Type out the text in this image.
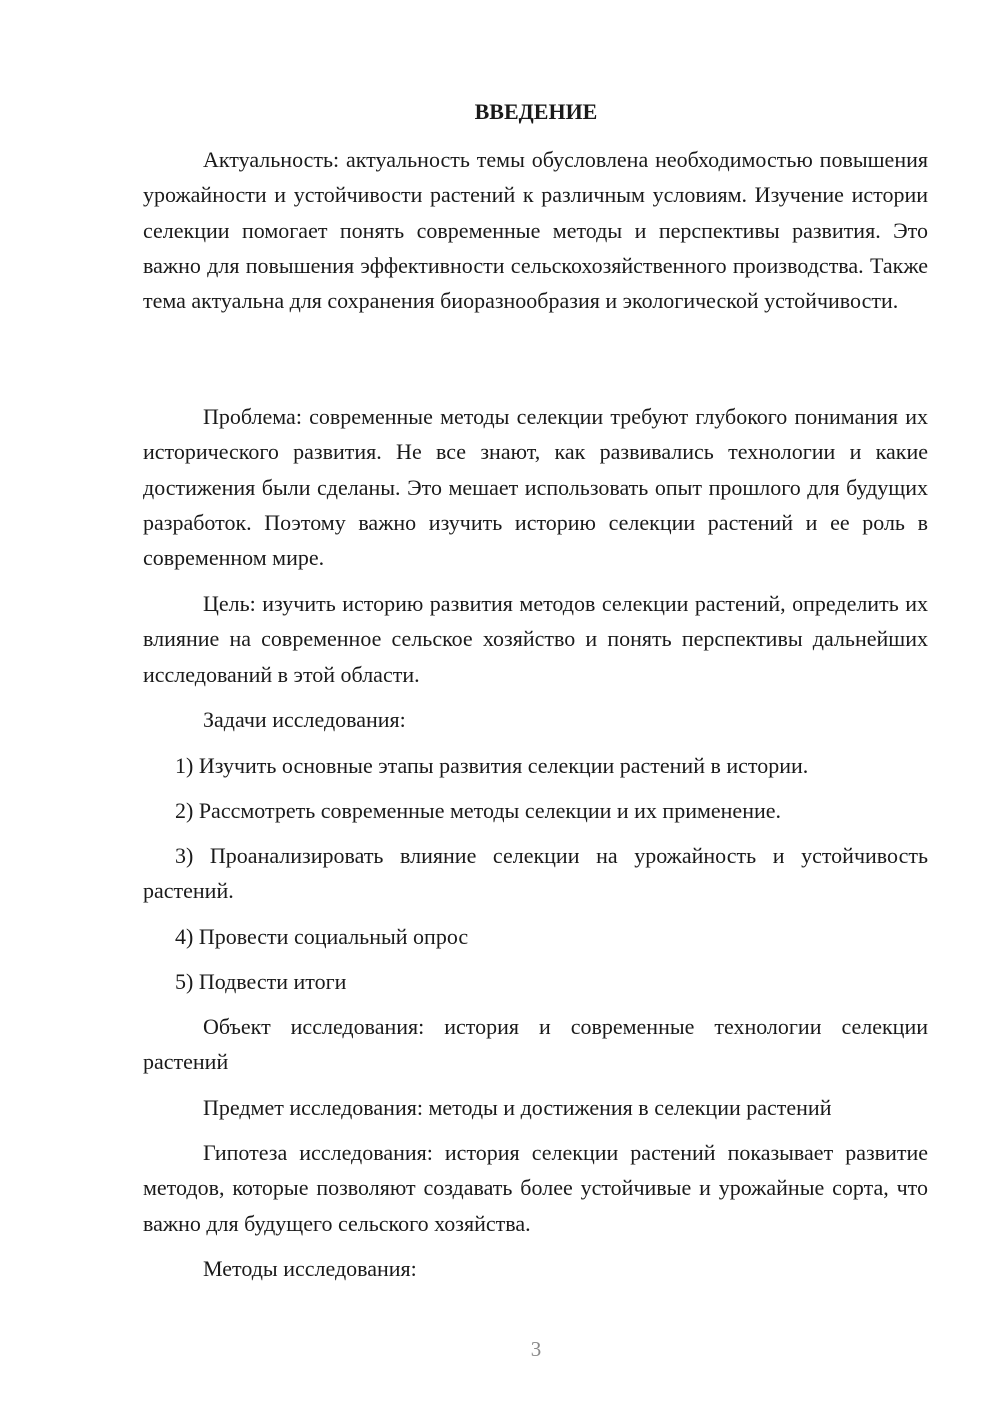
ВВЕДЕНИЕ

Актуальность: актуальность темы обусловлена необходимостью повышения урожайности и устойчивости растений к различным условиям. Изучение истории селекции помогает понять современные методы и перспективы развития. Это важно для повышения эффективности сельскохозяйственного производства. Также тема актуальна для сохранения биоразнообразия и экологической устойчивости.

Проблема: современные методы селекции требуют глубокого понимания их исторического развития. Не все знают, как развивались технологии и какие достижения были сделаны. Это мешает использовать опыт прошлого для будущих разработок. Поэтому важно изучить историю селекции растений и ее роль в современном мире.

Цель: изучить историю развития методов селекции растений, определить их влияние на современное сельское хозяйство и понять перспективы дальнейших исследований в этой области.

Задачи исследования:

1) Изучить основные этапы развития селекции растений в истории.

2) Рассмотреть современные методы селекции и их применение.

3) Проанализировать влияние селекции на урожайность и устойчивость растений.

4) Провести социальный опрос

5) Подвести итоги

Объект исследования: история и современные технологии селекции растений

Предмет исследования: методы и достижения в селекции растений

Гипотеза исследования: история селекции растений показывает развитие методов, которые позволяют создавать более устойчивые и урожайные сорта, что важно для будущего сельского хозяйства.

Методы исследования:

3
